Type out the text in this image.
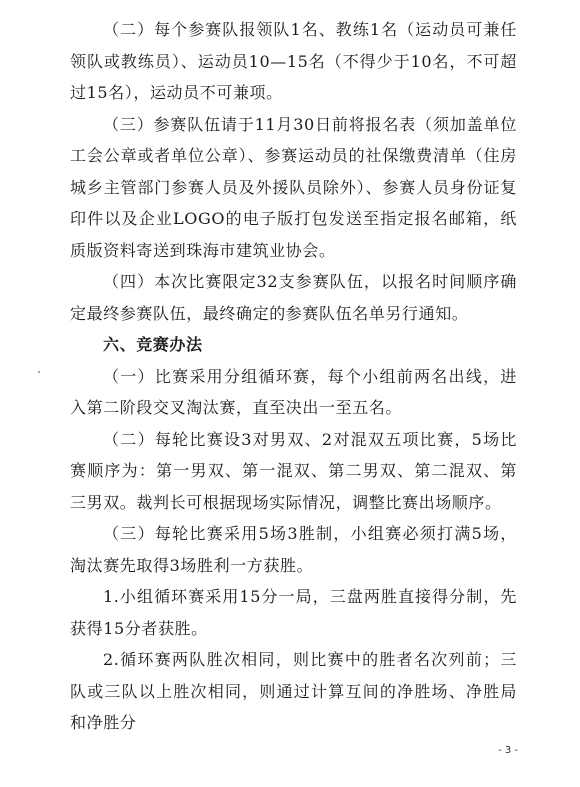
（二）每个参赛队报领队1名、教练1名（运动员可兼任领队或教练员）、运动员10—15名（不得少于10名，不可超过15名），运动员不可兼项。

（三）参赛队伍请于11月30日前将报名表（须加盖单位工会公章或者单位公章）、参赛运动员的社保缴费清单（住房城乡主管部门参赛人员及外援队员除外）、参赛人员身份证复印件以及企业LOGO的电子版打包发送至指定报名邮箱，纸质版资料寄送到珠海市建筑业协会。

（四）本次比赛限定32支参赛队伍，以报名时间顺序确定最终参赛队伍，最终确定的参赛队伍名单另行通知。

六、竞赛办法

（一）比赛采用分组循环赛，每个小组前两名出线，进入第二阶段交叉淘汰赛，直至决出一至五名。

（二）每轮比赛设3对男双、2对混双五项比赛，5场比赛顺序为：第一男双、第一混双、第二男双、第二混双、第三男双。裁判长可根据现场实际情况，调整比赛出场顺序。

（三）每轮比赛采用5场3胜制，小组赛必须打满5场，淘汰赛先取得3场胜利一方获胜。

1.小组循环赛采用15分一局，三盘两胜直接得分制，先获得15分者获胜。

2.循环赛两队胜次相同，则比赛中的胜者名次列前；三队或三队以上胜次相同，则通过计算互间的净胜场、净胜局和净胜分

- 3 -
